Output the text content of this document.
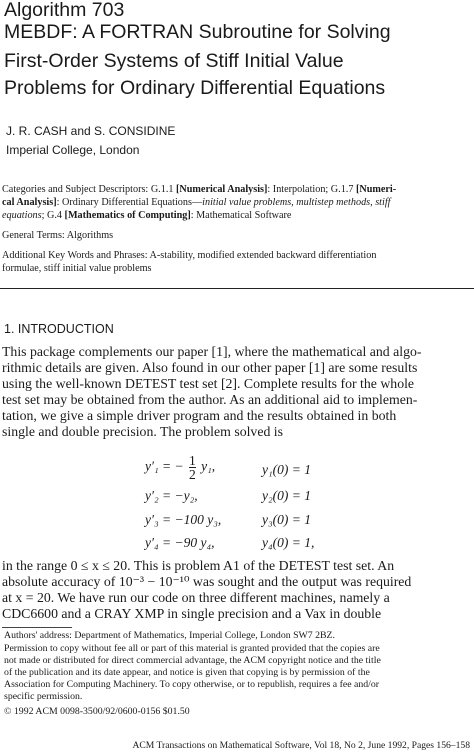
Algorithm 703
MEBDF: A FORTRAN Subroutine for Solving
First-Order Systems of Stiff Initial Value
Problems for Ordinary Differential Equations
J. R. CASH and S. CONSIDINE
Imperial College, London
Categories and Subject Descriptors: G.1.1 [Numerical Analysis]: Interpolation; G.1.7 [Numeri-
cal Analysis]: Ordinary Differential Equations—initial value problems, multistep methods, stiff
equations; G.4 [Mathematics of Computing]: Mathematical Software
General Terms: Algorithms
Additional Key Words and Phrases: A-stability, modified extended backward differentiation
formulae, stiff initial value problems
1. INTRODUCTION
This package complements our paper [1], where the mathematical and algo-
rithmic details are given. Also found in our other paper [1] are some results
using the well-known DETEST test set [2]. Complete results for the whole
test set may be obtained from the author. As an additional aid to implemen-
tation, we give a simple driver program and the results obtained in both
single and double precision. The problem solved is
y′₁ = − $\frac{1}{2} y_1$,	y₁(0) = 1
y′₂ = −y₂,	y₂(0) = 1
y′₃ = −100 y₃,	y₃(0) = 1
y′₄ = −90 y₄,	y₄(0) = 1,
in the range 0 ≤ x ≤ 20. This is problem A1 of the DETEST test set. An
absolute accuracy of 10⁻³ − 10⁻¹⁰ was sought and the output was required
at x = 20. We have run our code on three different machines, namely a
CDC6600 and a CRAY XMP in single precision and a Vax in double
Authors' address: Department of Mathematics, Imperial College, London SW7 2BZ.
Permission to copy without fee all or part of this material is granted provided that the copies are
not made or distributed for direct commercial advantage, the ACM copyright notice and the title
of the publication and its date appear, and notice is given that copying is by permission of the
Association for Computing Machinery. To copy otherwise, or to republish, requires a fee and/or
specific permission.
© 1992 ACM 0098-3500/92/0600-0156 $01.50
ACM Transactions on Mathematical Software, Vol 18, No 2, June 1992, Pages 156–158
